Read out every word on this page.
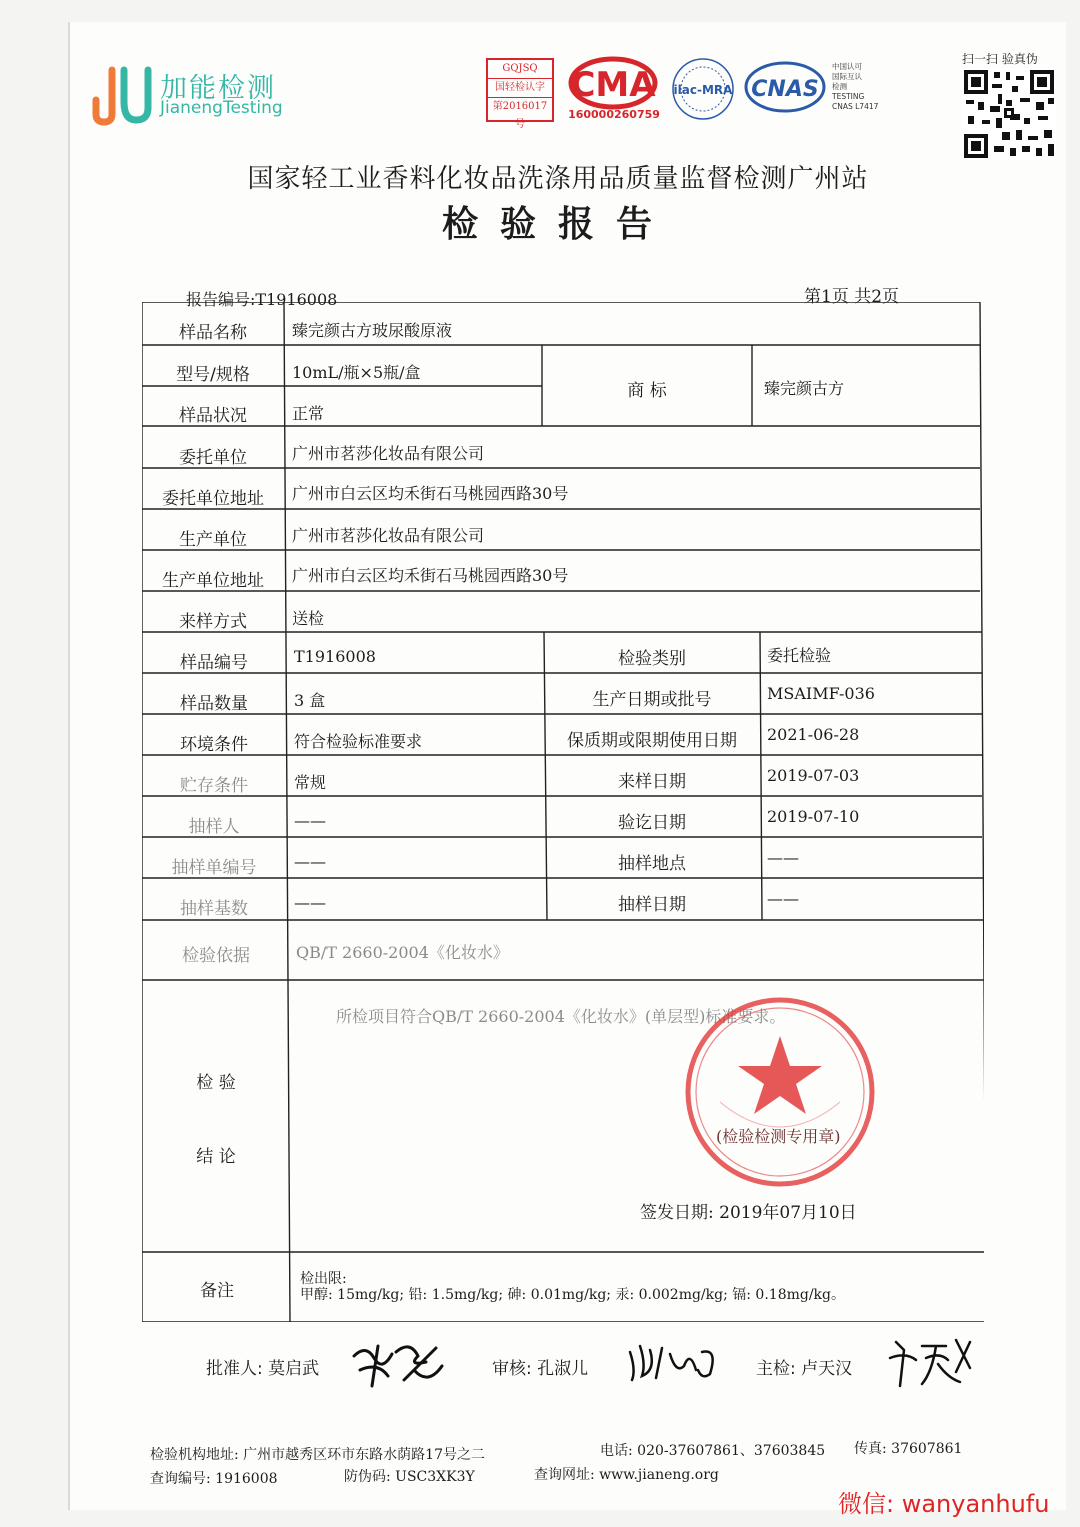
加能检测
JianengTesting
GQJSQ
国轻检认字
第2016017号
CMA
160000260759
ilac-MRA CNAS
中国认可
国际互认
检测
TESTING
CNAS L7417
扫一扫 验真伪
国家轻工业香料化妆品洗涤用品质量监督检测广州站
检验报告
报告编号:T1916008	第1页 共2页
样品名称	臻完颜古方玻尿酸原液
型号/规格	10mL/瓶×5瓶/盒
商 标	臻完颜古方
样品状况	正常
委托单位	广州市茗莎化妆品有限公司
委托单位地址	广州市白云区均禾街石马桃园西路30号
生产单位	广州市茗莎化妆品有限公司
生产单位地址	广州市白云区均禾街石马桃园西路30号
来样方式	送检
样品编号	T1916008	检验类别	委托检验
样品数量	3 盒	生产日期或批号	MSAIMF-036
环境条件	符合检验标准要求	保质期或限期使用日期	2021-06-28
贮存条件	常规	来样日期	2019-07-03
抽样人	——	验讫日期	2019-07-10
抽样单编号	——	抽样地点	——
抽样基数	——	抽样日期	——
检验依据	QB/T 2660-2004《化妆水》
检 验
结 论
所检项目符合QB/T 2660-2004《化妆水》(单层型)标准要求。
(检验检测专用章)
签发日期: 2019年07月10日
备注
检出限:
甲醇: 15mg/kg; 铅: 1.5mg/kg; 砷: 0.01mg/kg; 汞: 0.002mg/kg; 镉: 0.18mg/kg。
批准人: 莫启武	审核: 孔淑儿	主检: 卢天汉
检验机构地址: 广州市越秀区环市东路水荫路17号之二	电话: 020-37607861、37603845 传真: 37607861
查询编号: 1916008	防伪码: USC3XK3Y	查询网址: www.jianeng.org
微信: wanyanhufu
